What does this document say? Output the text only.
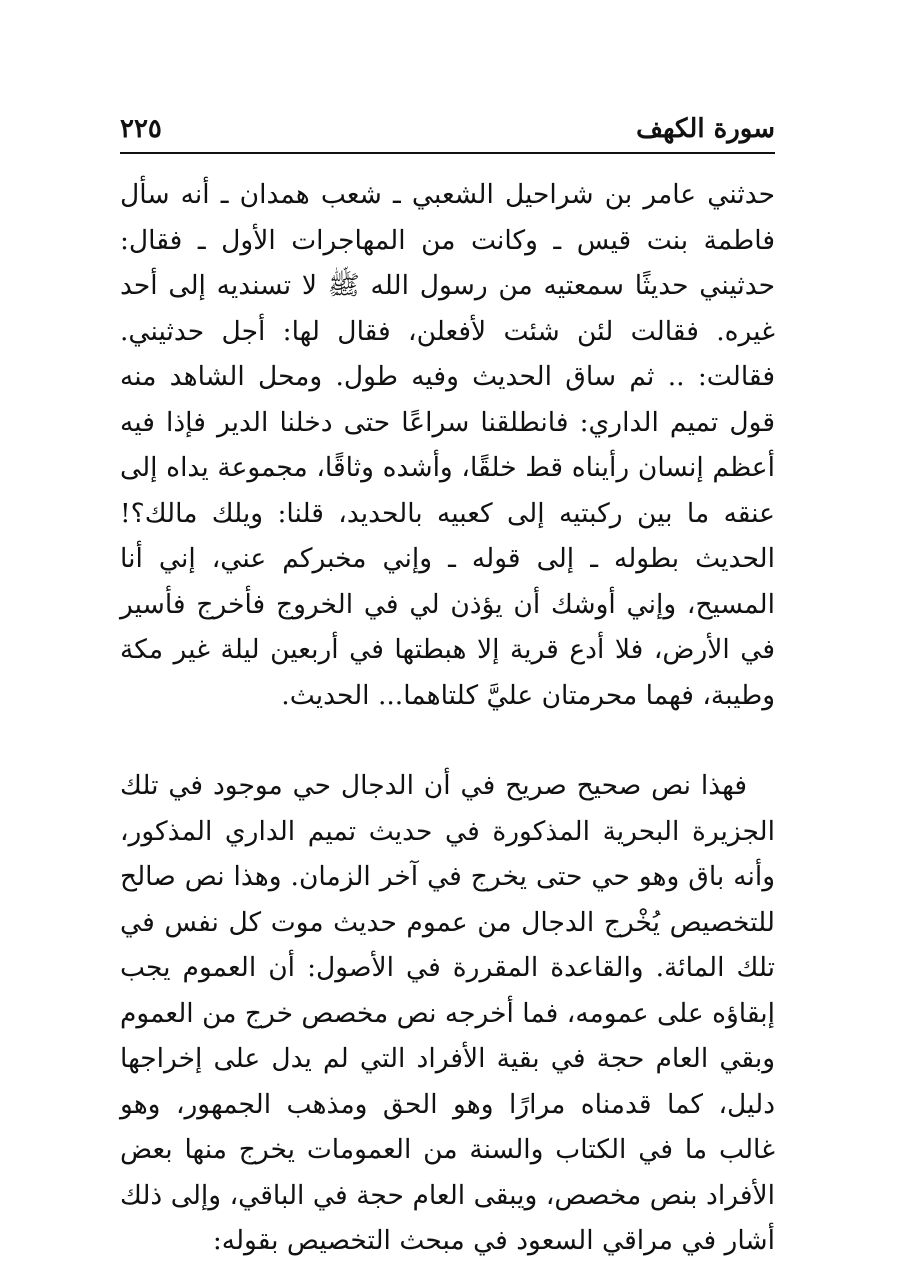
سورة الكهف
٢٢٥

حدثني عامر بن شراحيل الشعبي ـ شعب همدان ـ أنه سأل فاطمة بنت قيس ـ وكانت من المهاجرات الأول ـ فقال: حدثيني حديثًا سمعتيه من رسول الله ﷺ لا تسنديه إلى أحد غيره. فقالت لئن شئت لأفعلن، فقال لها: أجل حدثيني. فقالت: .. ثم ساق الحديث وفيه طول. ومحل الشاهد منه قول تميم الداري: فانطلقنا سراعًا حتى دخلنا الدير فإذا فيه أعظم إنسان رأيناه قط خلقًا، وأشده وثاقًا، مجموعة يداه إلى عنقه ما بين ركبتيه إلى كعبيه بالحديد، قلنا: ويلك مالك؟! الحديث بطوله ـ إلى قوله ـ وإني مخبركم عني، إني أنا المسيح، وإني أوشك أن يؤذن لي في الخروج فأخرج فأسير في الأرض، فلا أدع قرية إلا هبطتها في أربعين ليلة غير مكة وطيبة، فهما محرمتان عليَّ كلتاهما... الحديث.

فهذا نص صحيح صريح في أن الدجال حي موجود في تلك الجزيرة البحرية المذكورة في حديث تميم الداري المذكور، وأنه باق وهو حي حتى يخرج في آخر الزمان. وهذا نص صالح للتخصيص يُخْرج الدجال من عموم حديث موت كل نفس في تلك المائة. والقاعدة المقررة في الأصول: أن العموم يجب إبقاؤه على عمومه، فما أخرجه نص مخصص خرج من العموم وبقي العام حجة في بقية الأفراد التي لم يدل على إخراجها دليل، كما قدمناه مرارًا وهو الحق ومذهب الجمهور، وهو غالب ما في الكتاب والسنة من العمومات يخرج منها بعض الأفراد بنص مخصص، ويبقى العام حجة في الباقي، وإلى ذلك أشار في مراقي السعود في مبحث التخصيص بقوله:
